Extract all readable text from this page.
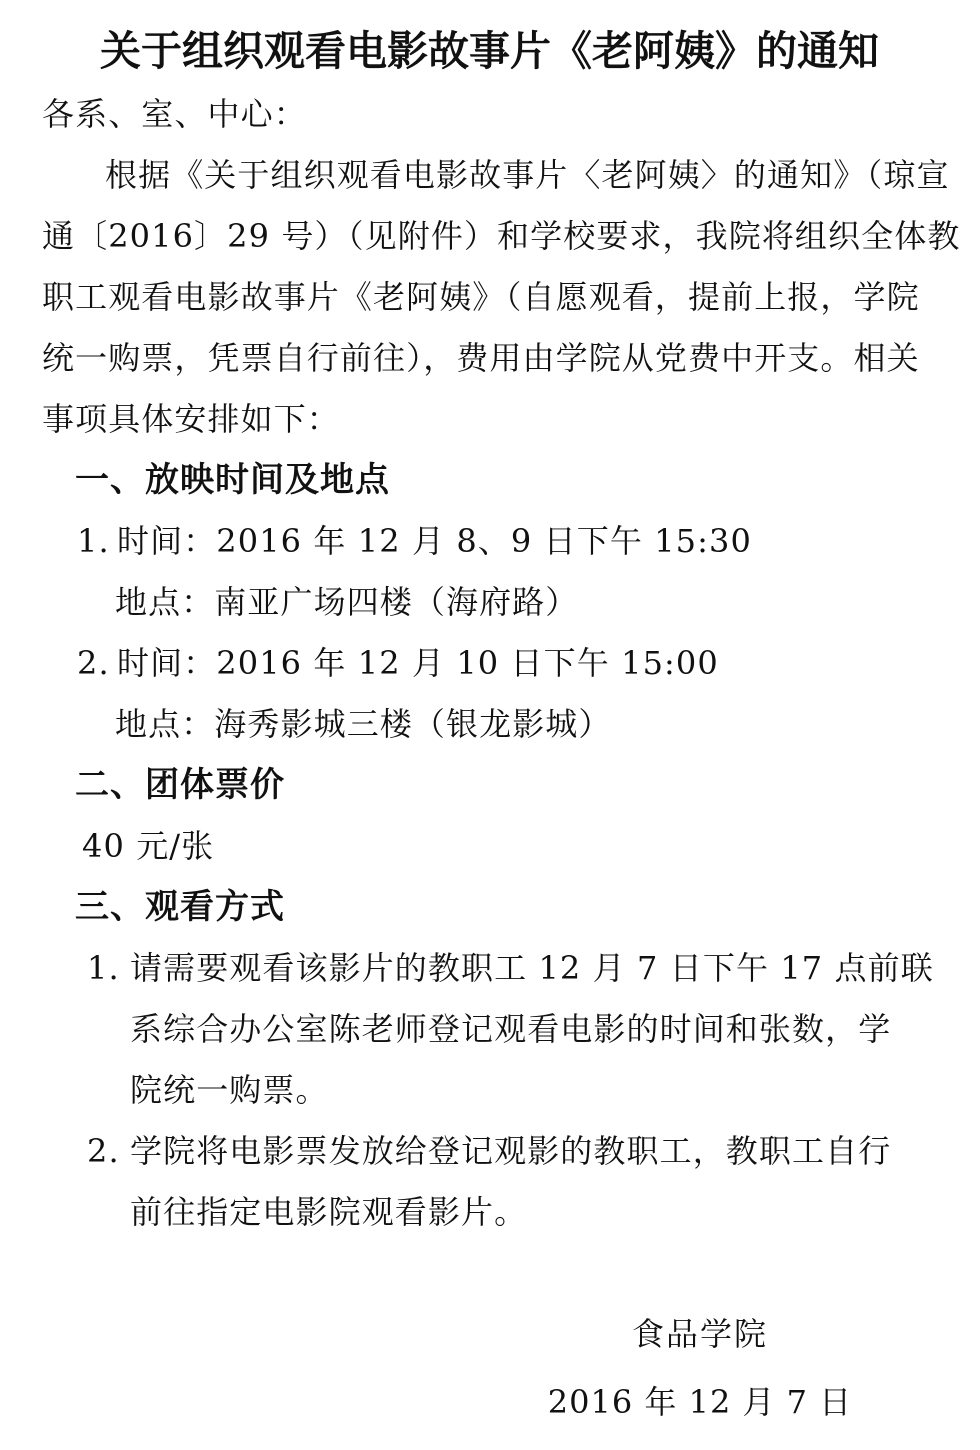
关于组织观看电影故事片《老阿姨》的通知
各系、室、中心：
根据《关于组织观看电影故事片〈老阿姨〉的通知》（琼宣
通〔2016〕29 号）（见附件）和学校要求，我院将组织全体教
职工观看电影故事片《老阿姨》（自愿观看，提前上报，学院
统一购票，凭票自行前往），费用由学院从党费中开支。相关
事项具体安排如下：
一、放映时间及地点
1. 时间：2016 年 12 月 8、9 日下午 15:30
地点：南亚广场四楼（海府路）
2. 时间：2016 年 12 月 10 日下午 15:00
地点：海秀影城三楼（银龙影城）
二、团体票价
40 元/张
三、观看方式
1. 请需要观看该影片的教职工 12 月 7 日下午 17 点前联
系综合办公室陈老师登记观看电影的时间和张数，学
院统一购票。
2. 学院将电影票发放给登记观影的教职工，教职工自行
前往指定电影院观看影片。
食品学院
2016 年 12 月 7 日
